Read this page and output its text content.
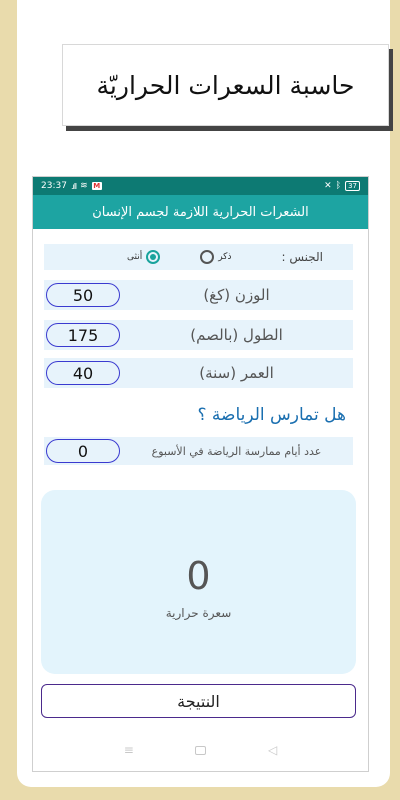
حاسبة السعرات الحراريّة
23:37 .ıll ≋ M	✕ ᛒ	37
الشعرات الحرارية اللازمة لجسم الإنسان
الجنس :
ذكر
أنثى
الوزن (كغ)
50
الطول (بالصم)
175
العمر (سنة)
40
هل تمارس الرياضة ؟
عدد أيام ممارسة الرياضة في الأسبوع
0
0
سعرة حرارية
النتيجة
≡	◁
